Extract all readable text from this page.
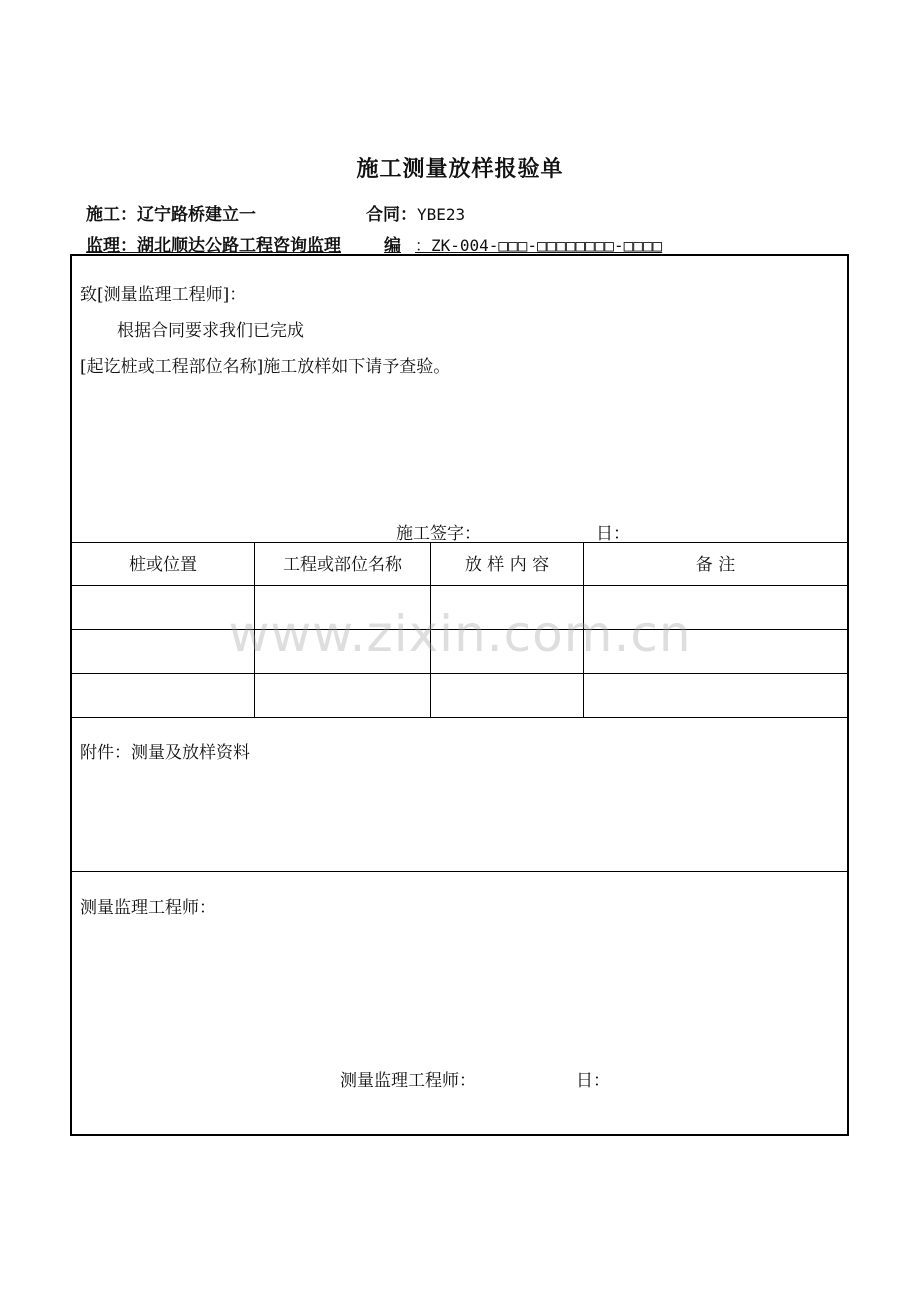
施工测量放样报验单
施工：辽宁路桥建立一	合同：YBE23
监理：湖北顺达公路工程咨询监理	编 ：ZK-004-□□□-□□□□□□□□-□□□□
致[测量监理工程师]：
根据合同要求我们已完成
[起讫桩或工程部位名称]施工放样如下请予查验。
施工签字：	日：
桩或位置	工程或部位名称	放 样 内 容	备 注
附件：测量及放样资料
测量监理工程师：
测量监理工程师：	日：
www.zixin.com.cn
